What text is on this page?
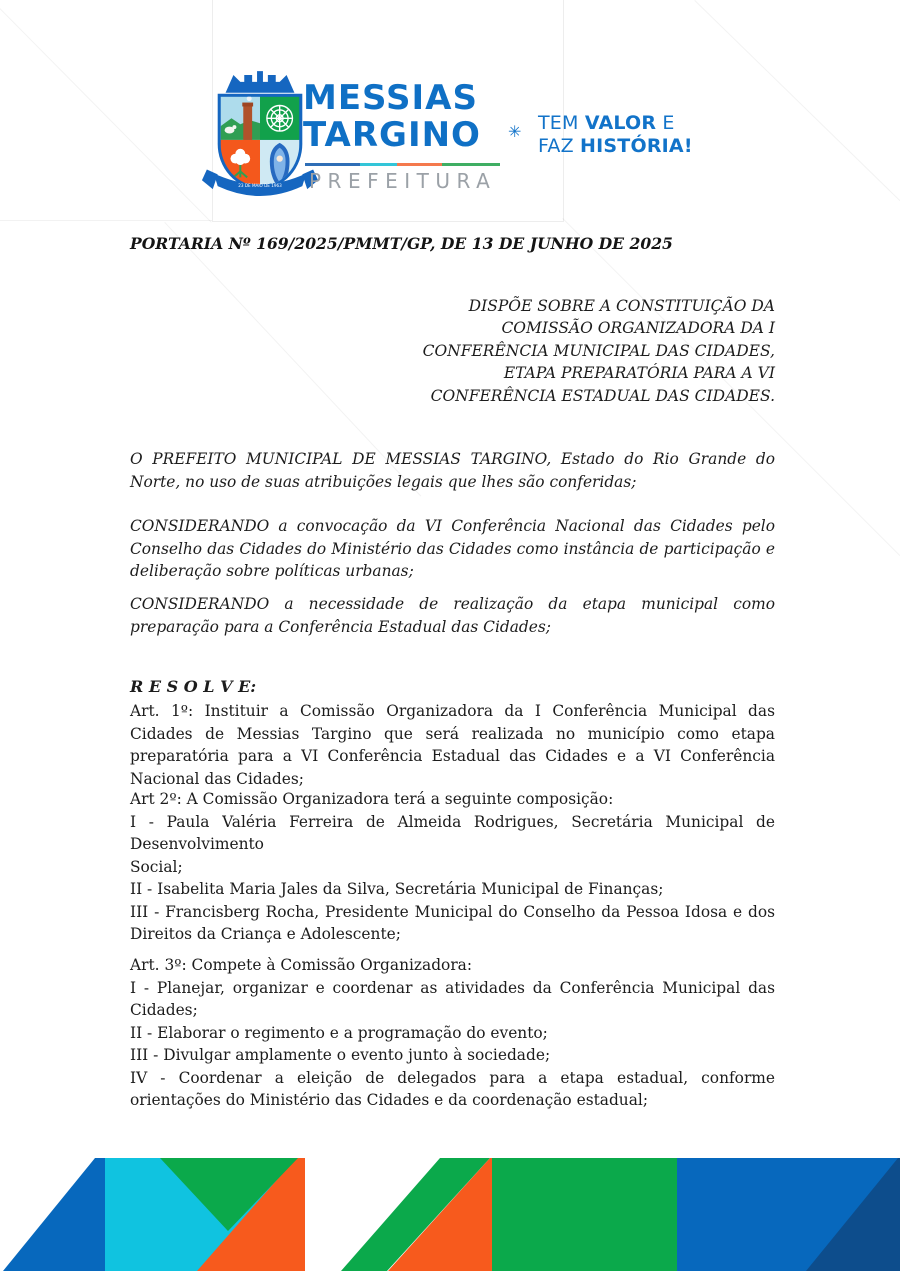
23 DE MAIO DE 1963
MESSIAS
TARGINO
PREFEITURA
✳ TEM VALOR E
FAZ HISTÓRIA!
PORTARIA Nº 169/2025/PMMT/GP, DE 13 DE JUNHO DE 2025
DISPÕE SOBRE A CONSTITUIÇÃO DA
COMISSÃO ORGANIZADORA DA I
CONFERÊNCIA MUNICIPAL DAS CIDADES,
ETAPA PREPARATÓRIA PARA A VI
CONFERÊNCIA ESTADUAL DAS CIDADES.

O PREFEITO MUNICIPAL DE MESSIAS TARGINO, Estado do Rio Grande do Norte, no uso de suas atribuições legais que lhes são conferidas;

CONSIDERANDO a convocação da VI Conferência Nacional das Cidades pelo Conselho das Cidades do Ministério das Cidades como instância de participação e deliberação sobre políticas urbanas;

CONSIDERANDO a necessidade de realização da etapa municipal como preparação para a Conferência Estadual das Cidades;

R E S O L V E:

Art. 1º: Instituir a Comissão Organizadora da I Conferência Municipal das Cidades de Messias Targino que será realizada no município como etapa preparatória para a VI Conferência Estadual das Cidades e a VI Conferência Nacional das Cidades;

Art 2º: A Comissão Organizadora terá a seguinte composição:

I - Paula Valéria Ferreira de Almeida Rodrigues, Secretária Municipal de Desenvolvimento

Social;

II - Isabelita Maria Jales da Silva, Secretária Municipal de Finanças;

III - Francisberg Rocha, Presidente Municipal do Conselho da Pessoa Idosa e dos Direitos da Criança e Adolescente;

Art. 3º: Compete à Comissão Organizadora:

I - Planejar, organizar e coordenar as atividades da Conferência Municipal das Cidades;

II - Elaborar o regimento e a programação do evento;

III - Divulgar amplamente o evento junto à sociedade;

IV - Coordenar a eleição de delegados para a etapa estadual, conforme orientações do Ministério das Cidades e da coordenação estadual;
